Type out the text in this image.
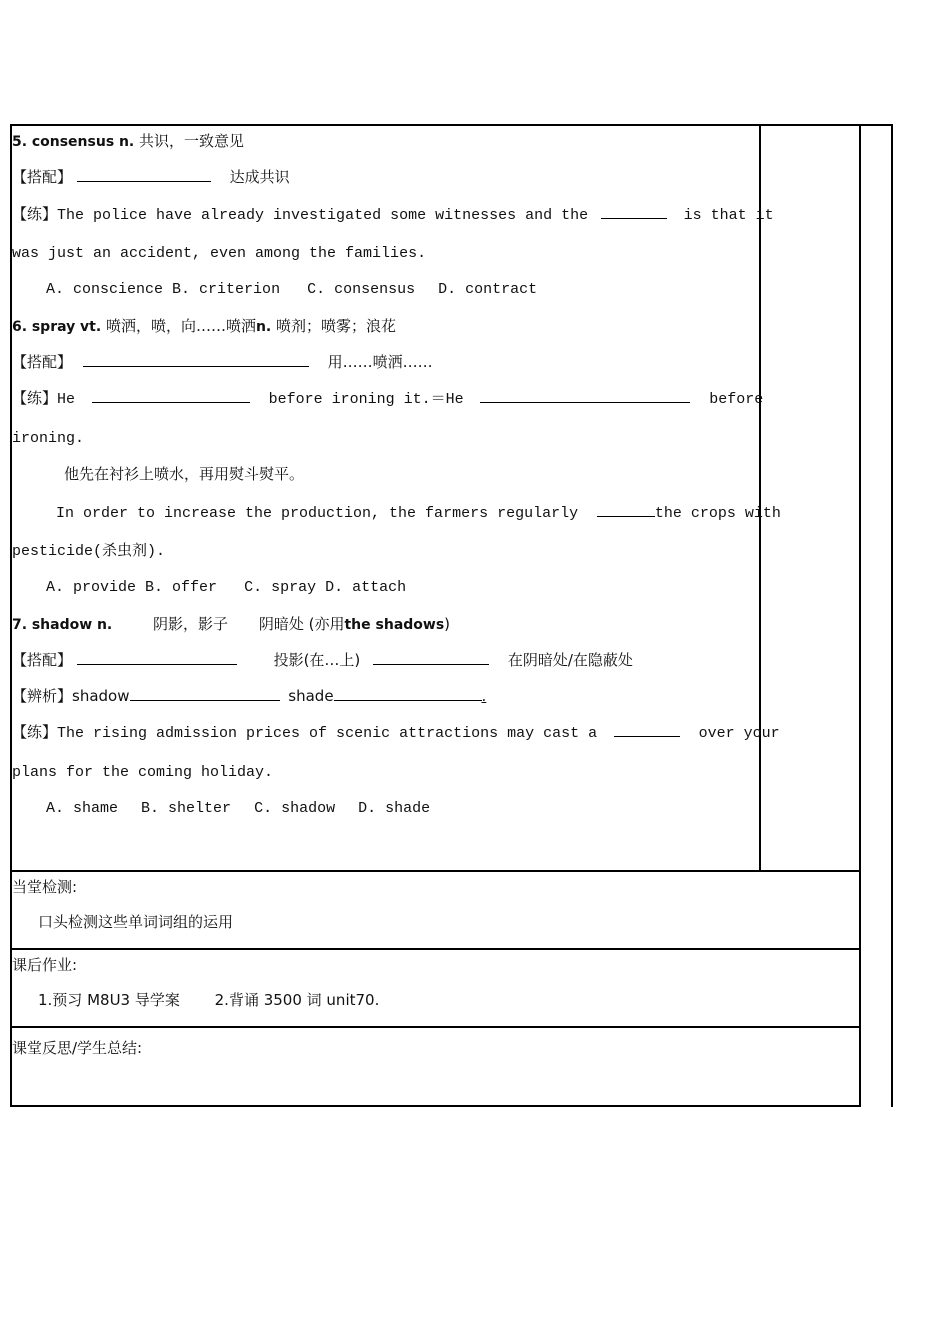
5. consensus n. 共识，一致意见
【搭配】	达成共识
【练】The police have already investigated some witnesses and the	is that it
was just an accident, even among the families.
A. conscience B. criterion C. consensus D. contract
6. spray vt. 喷洒，喷，向……喷洒n. 喷剂；喷雾；浪花
【搭配】	用……喷洒……
【练】He	before ironing it.＝He	before
ironing.
他先在衬衫上喷水，再用熨斗熨平。
In order to increase the production, the farmers regularly	the crops with
pesticide(杀虫剂).
A. provide B. offer C. spray D. attach
7. shadow n.	阴影，影子 阴暗处 (亦用the shadows)
【搭配】	投影(在…上)	在阴暗处/在隐蔽处
【辨析】shadow	shade	.
【练】The rising admission prices of scenic attractions may cast a	over your
plans for the coming holiday.
A. shame B. shelter C. shadow D. shade
当堂检测:
口头检测这些单词词组的运用
课后作业:
1.预习 M8U3 导学案 2.背诵 3500 词 unit70.
课堂反思/学生总结:
